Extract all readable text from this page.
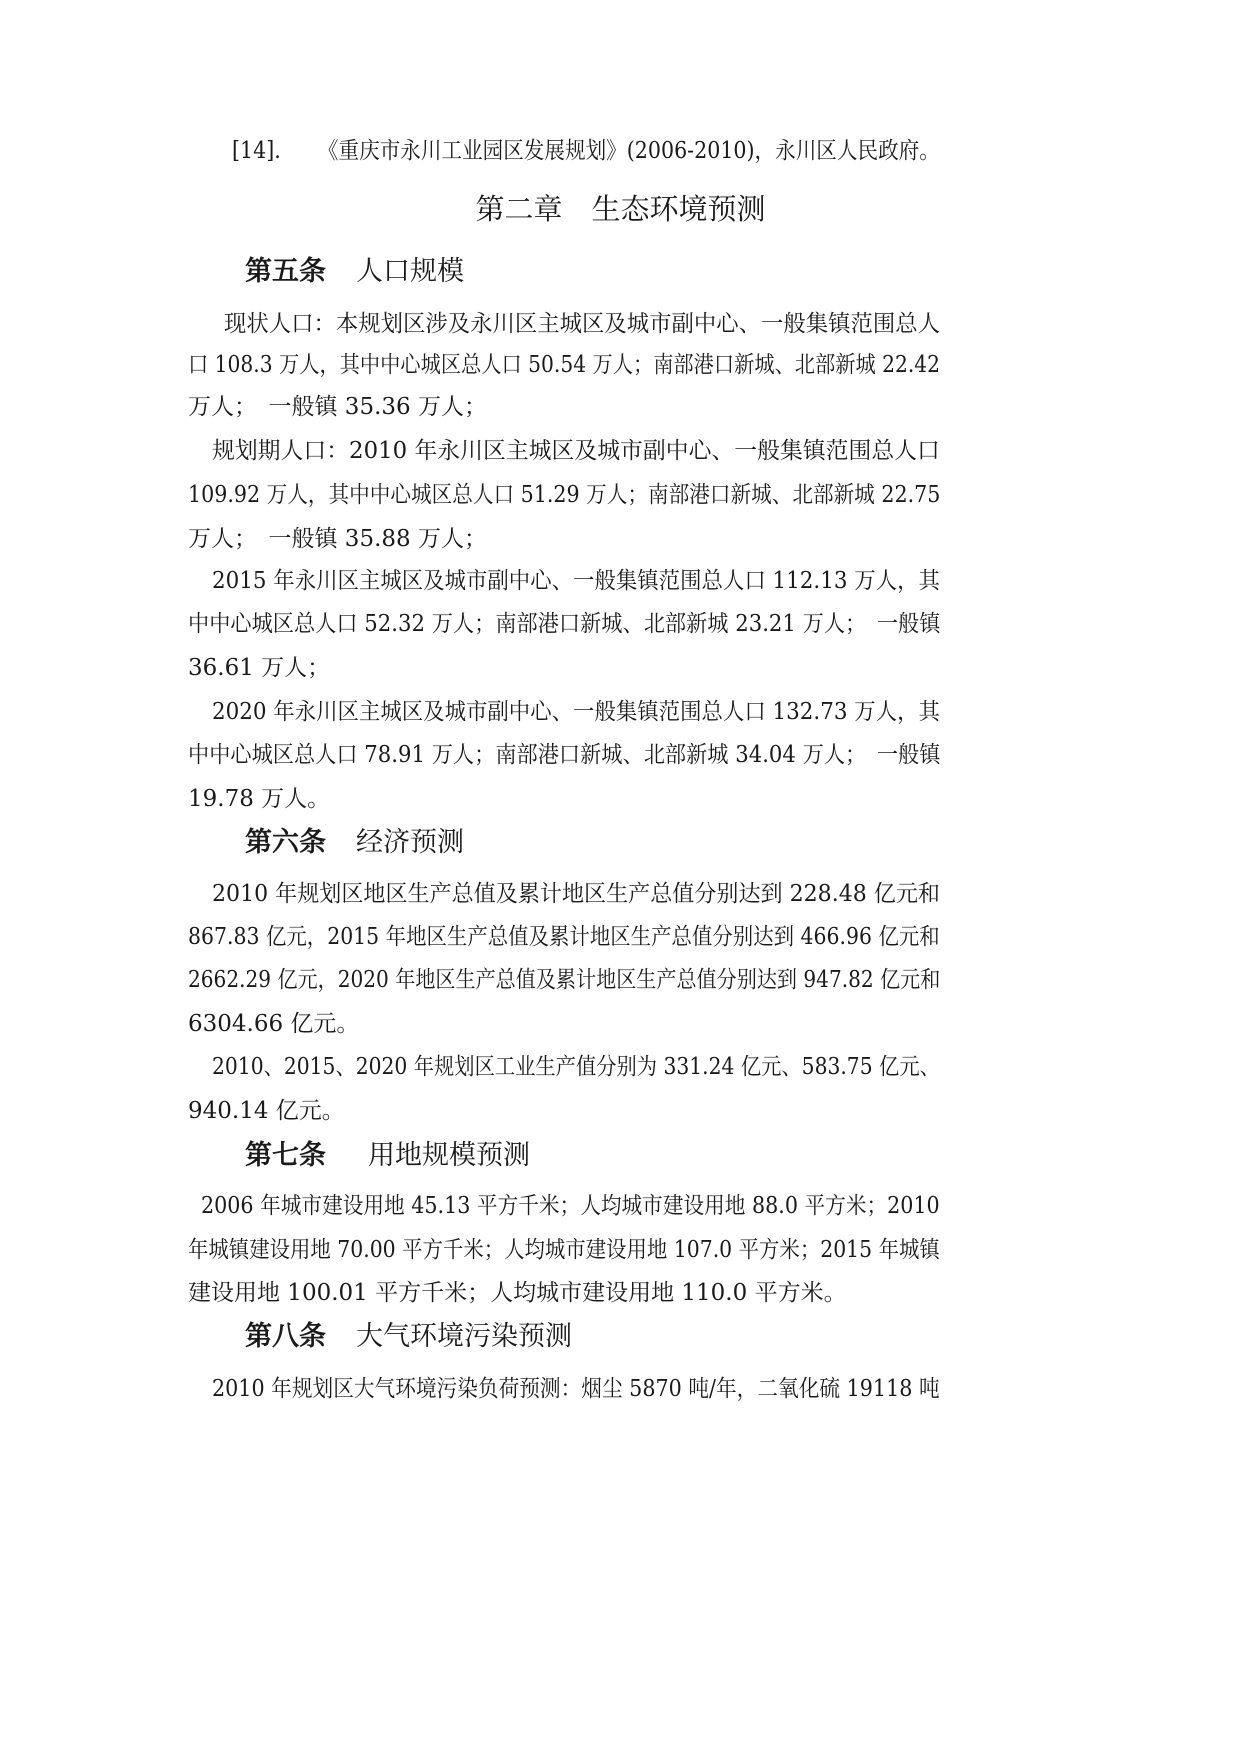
[14]. 《重庆市永川工业园区发展规划》(2006-2010)，永川区人民政府。
第二章　生态环境预测
第五条 人口规模
现状人口：本规划区涉及永川区主城区及城市副中心、一般集镇范围总人
口 108.3 万人，其中中心城区总人口 50.54 万人；南部港口新城、北部新城 22.42
万人；　一般镇 35.36 万人；
规划期人口：2010 年永川区主城区及城市副中心、一般集镇范围总人口
109.92 万人，其中中心城区总人口 51.29 万人；南部港口新城、北部新城 22.75
万人；　一般镇 35.88 万人；
2015 年永川区主城区及城市副中心、一般集镇范围总人口 112.13 万人，其
中中心城区总人口 52.32 万人；南部港口新城、北部新城 23.21 万人；　一般镇
36.61 万人；
2020 年永川区主城区及城市副中心、一般集镇范围总人口 132.73 万人，其
中中心城区总人口 78.91 万人；南部港口新城、北部新城 34.04 万人；　一般镇
19.78 万人。
第六条 经济预测
2010 年规划区地区生产总值及累计地区生产总值分别达到 228.48 亿元和
867.83 亿元，2015 年地区生产总值及累计地区生产总值分别达到 466.96 亿元和
2662.29 亿元，2020 年地区生产总值及累计地区生产总值分别达到 947.82 亿元和
6304.66 亿元。
2010、2015、2020 年规划区工业生产值分别为 331.24 亿元、583.75 亿元、
940.14 亿元。
第七条 用地规模预测
2006 年城市建设用地 45.13 平方千米；人均城市建设用地 88.0 平方米；2010
年城镇建设用地 70.00 平方千米；人均城市建设用地 107.0 平方米；2015 年城镇
建设用地 100.01 平方千米；人均城市建设用地 110.0 平方米。
第八条 大气环境污染预测
2010 年规划区大气环境污染负荷预测：烟尘 5870 吨/年，二氧化硫 19118 吨
